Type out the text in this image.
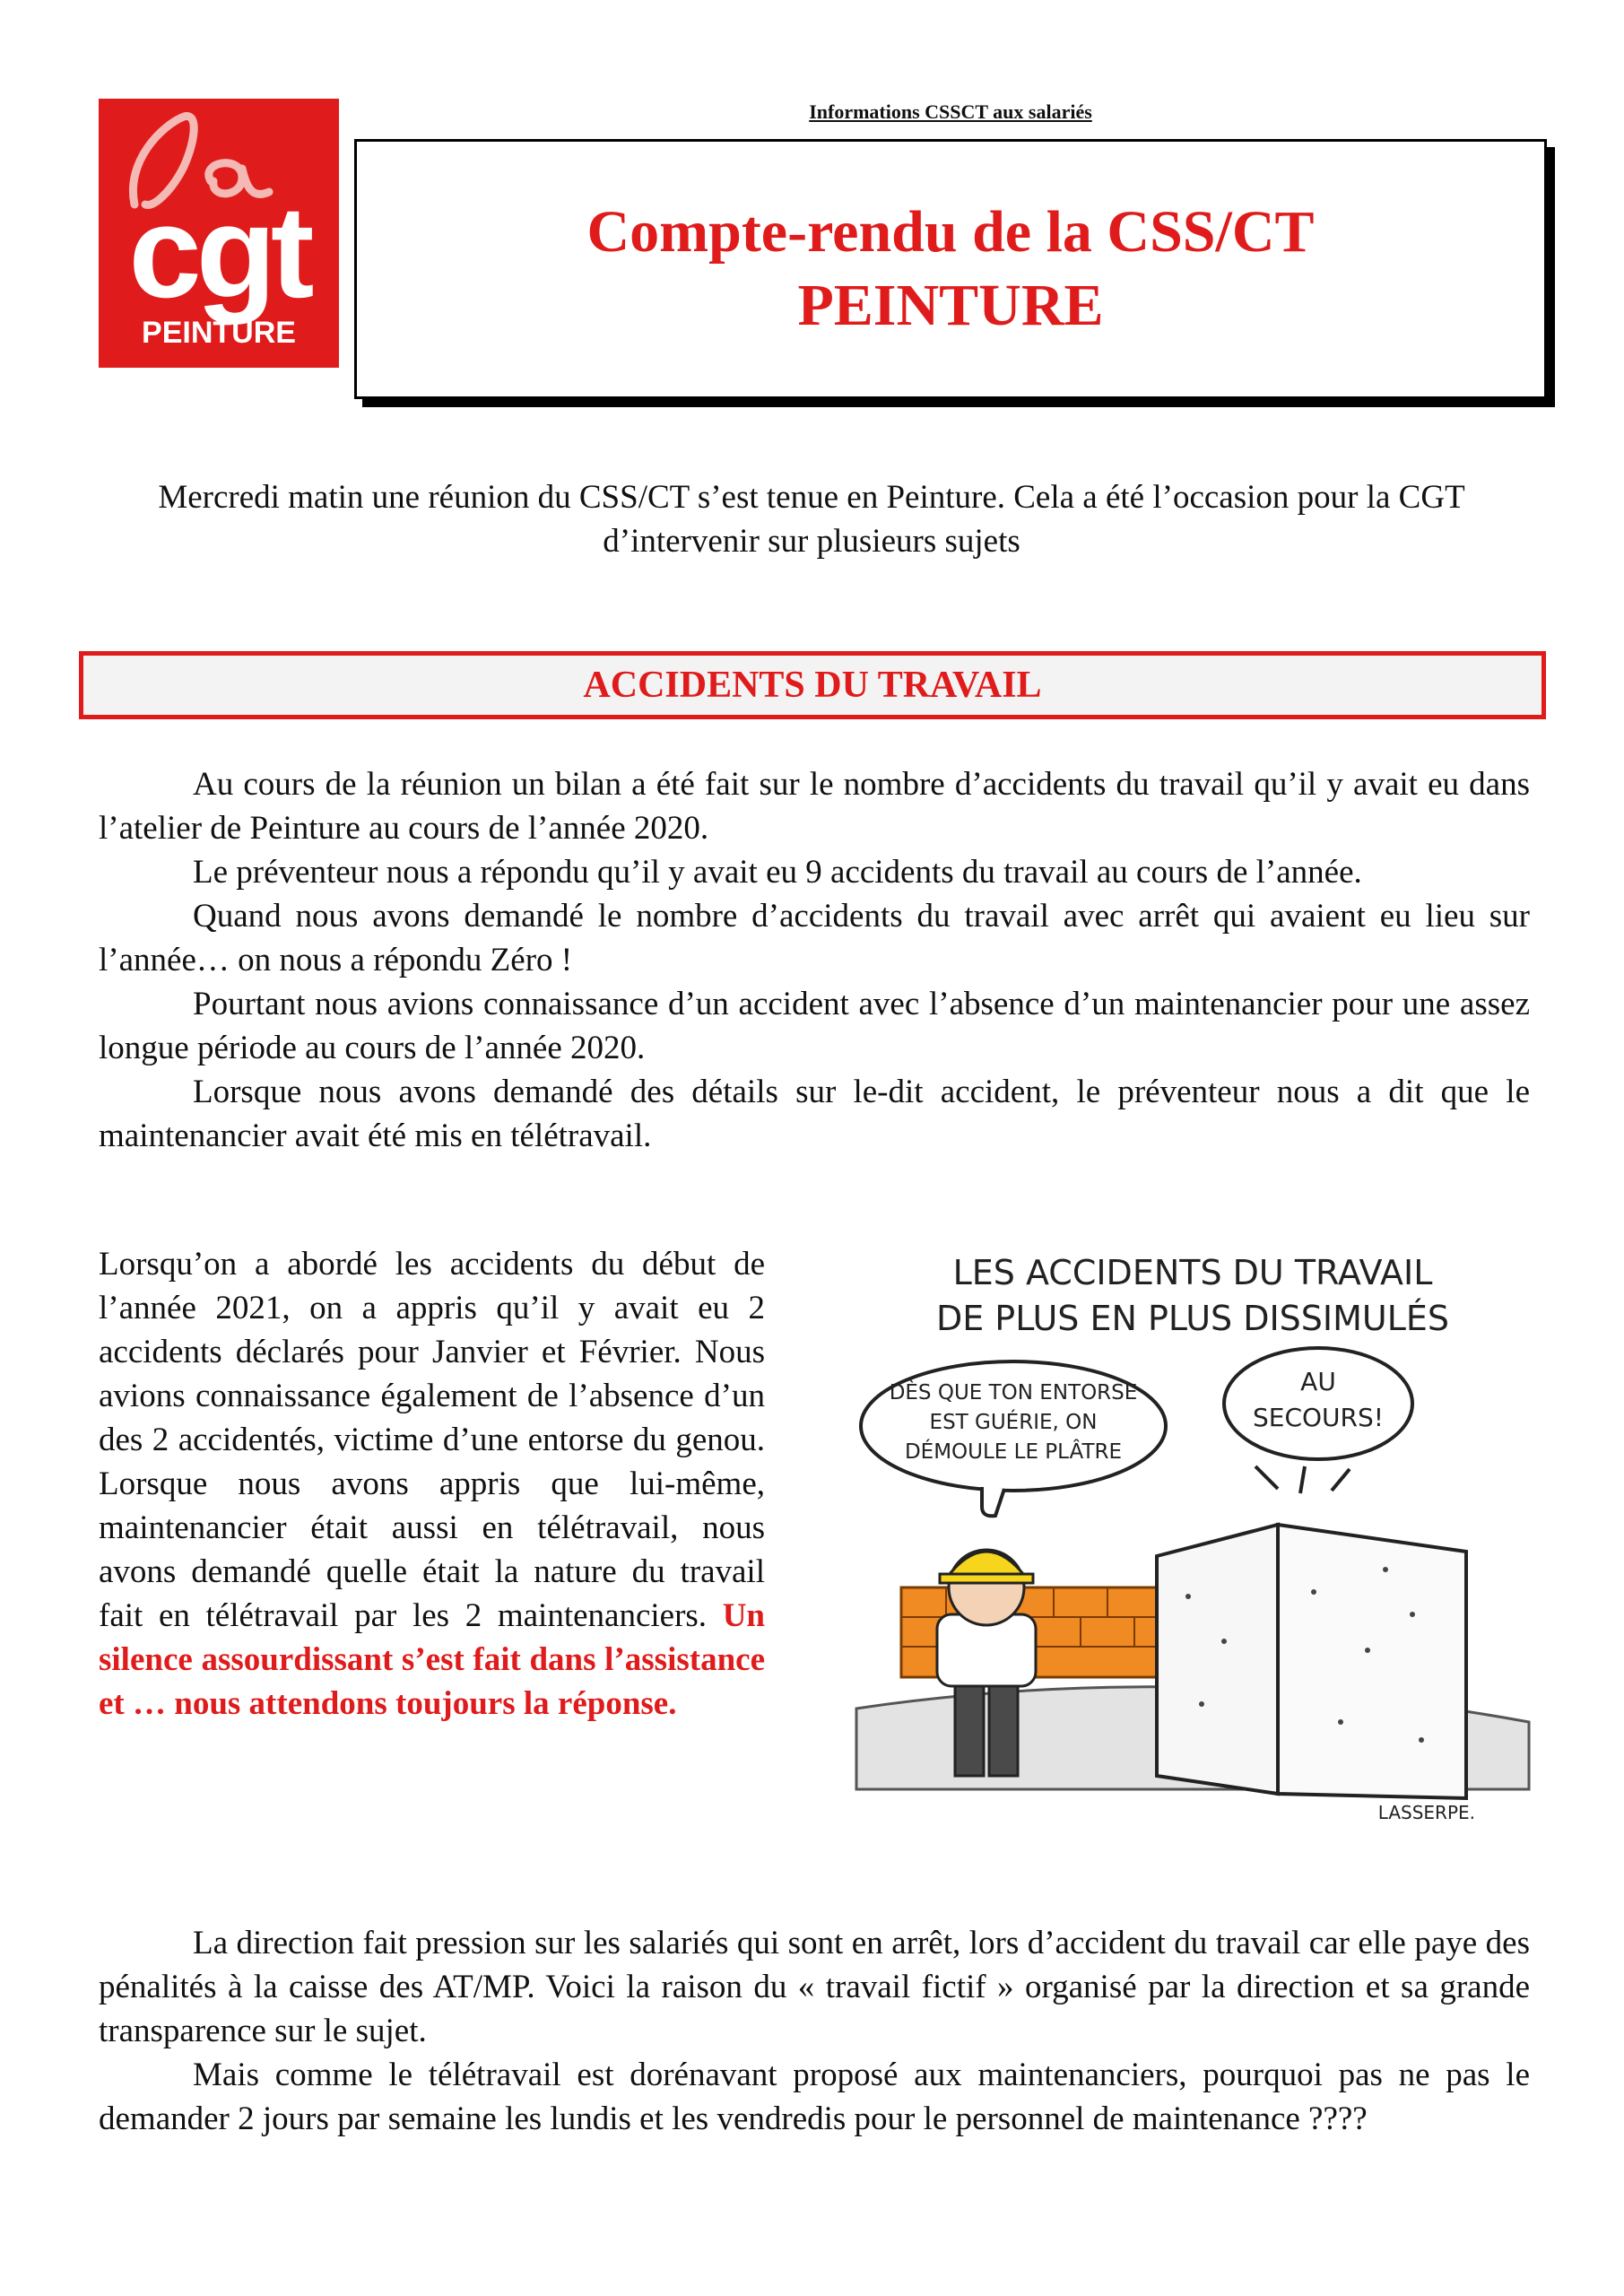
cgt
PEINTURE
Informations CSSCT aux salariés
Compte-rendu de la CSS/CT
PEINTURE
Mercredi matin une réunion du CSS/CT s’est tenue en Peinture. Cela a été l’occasion pour la CGT d’intervenir sur plusieurs sujets
ACCIDENTS DU TRAVAIL

Au cours de la réunion un bilan a été fait sur le nombre d’accidents du travail qu’il y avait eu dans l’atelier de Peinture au cours de l’année 2020.

Le préventeur nous a répondu qu’il y avait eu 9 accidents du travail au cours de l’année.

Quand nous avons demandé le nombre d’accidents du travail avec arrêt qui avaient eu lieu sur l’année… on nous a répondu Zéro !

Pourtant nous avions connaissance d’un accident avec l’absence d’un maintenancier pour une assez longue période au cours de l’année 2020.

Lorsque nous avons demandé des détails sur le-dit accident, le préventeur nous a dit que le maintenancier avait été mis en télétravail.

Lorsqu’on a abordé les accidents du début de l’année 2021, on a appris qu’il y avait eu 2 accidents déclarés pour Janvier et Février. Nous avions connaissance également de l’absence d’un des 2 accidentés, victime d’une entorse du genou. Lorsque nous avons appris que lui-même, maintenancier était aussi en télétravail, nous avons demandé quelle était la nature du travail fait en télétravail par les 2 maintenanciers. Un silence assourdissant s’est fait dans l’assistance et … nous attendons toujours la réponse.

LES ACCIDENTS DU TRAVAIL
DE PLUS EN PLUS DISSIMULÉS
DÈS QUE TON ENTORSE
EST GUÉRIE, ON
DÉMOULE LE PLÂTRE
AU
SECOURS!
LASSERPE.

La direction fait pression sur les salariés qui sont en arrêt, lors d’accident du travail car elle paye des pénalités à la caisse des AT/MP. Voici la raison du « travail fictif » organisé par la direction et sa grande transparence sur le sujet.

Mais comme le télétravail est dorénavant proposé aux maintenanciers, pourquoi pas ne pas le demander 2 jours par semaine les lundis et les vendredis pour le personnel de maintenance ????
